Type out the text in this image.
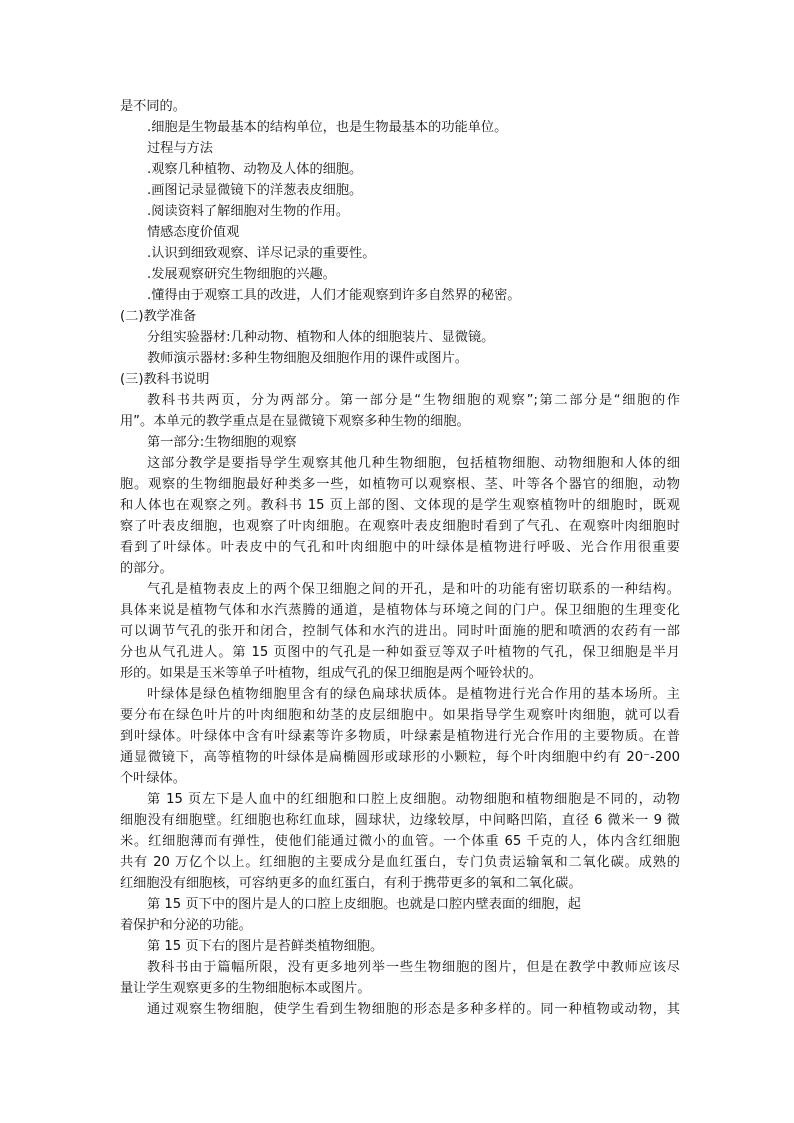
是不同的。
.细胞是生物最基本的结构单位，也是生物最基本的功能单位。
过程与方法
.观察几种植物、动物及人体的细胞。
.画图记录显微镜下的洋葱表皮细胞。
.阅读资料了解细胞对生物的作用。
情感态度价值观
.认识到细致观察、详尽记录的重要性。
.发展观察研究生物细胞的兴趣。
.懂得由于观察工具的改进，人们才能观察到许多自然界的秘密。
(二)教学准备
分组实验器材:几种动物、植物和人体的细胞装片、显微镜。
教师演示器材:多种生物细胞及细胞作用的课件或图片。
(三)教科书说明
教科书共两页，分为两部分。第一部分是“生物细胞的观察”;第二部分是“细胞的作
用”。本单元的教学重点是在显微镜下观察多种生物的细胞。
第一部分:生物细胞的观察
这部分教学是要指导学生观察其他几种生物细胞，包括植物细胞、动物细胞和人体的细
胞。观察的生物细胞最好种类多一些，如植物可以观察根、茎、叶等各个器官的细胞，动物
和人体也在观察之列。教科书 15 页上部的图、文体现的是学生观察植物叶的细胞时，既观
察了叶表皮细胞，也观察了叶肉细胞。在观察叶表皮细胞时看到了气孔、在观察叶肉细胞时
看到了叶绿体。叶表皮中的气孔和叶肉细胞中的叶绿体是植物进行呼吸、光合作用很重要
的部分。
气孔是植物表皮上的两个保卫细胞之间的开孔，是和叶的功能有密切联系的一种结构。
具体来说是植物气体和水汽蒸腾的通道，是植物体与环境之间的门户。保卫细胞的生理变化
可以调节气孔的张开和闭合，控制气体和水汽的进出。同时叶面施的肥和喷洒的农药有一部
分也从气孔进人。第 15 页图中的气孔是一种如蚕豆等双子叶植物的气孔，保卫细胞是半月
形的。如果是玉米等单子叶植物，组成气孔的保卫细胞是两个哑铃状的。
叶绿体是绿色植物细胞里含有的绿色扁球状质体。是植物进行光合作用的基本场所。主
要分布在绿色叶片的叶肉细胞和幼茎的皮层细胞中。如果指导学生观察叶肉细胞，就可以看
到叶绿体。叶绿体中含有叶绿素等许多物质，叶绿素是植物进行光合作用的主要物质。在普
通显微镜下，高等植物的叶绿体是扁椭圆形或球形的小颗粒，每个叶肉细胞中约有 20⁻-200
个叶绿体。
第 15 页左下是人血中的红细胞和口腔上皮细胞。动物细胞和植物细胞是不同的，动物
细胞没有细胞壁。红细胞也称红血球，圆球状，边缘较厚，中间略凹陷，直径 6 微米一 9 微
米。红细胞薄而有弹性，使他们能通过微小的血管。一个体重 65 千克的人，体内含红细胞
共有 20 万亿个以上。红细胞的主要成分是血红蛋白，专门负责运输氧和二氧化碳。成熟的
红细胞没有细胞核，可容纳更多的血红蛋白，有利于携带更多的氧和二氧化碳。
第 15 页下中的图片是人的口腔上皮细胞。也就是口腔内壁表面的细胞，起
着保护和分泌的功能。
第 15 页下右的图片是苔鲜类植物细胞。
教科书由于篇幅所限，没有更多地列举一些生物细胞的图片，但是在教学中教师应该尽
量让学生观察更多的生物细胞标本或图片。
通过观察生物细胞，使学生看到生物细胞的形态是多种多样的。同一种植物或动物，其
